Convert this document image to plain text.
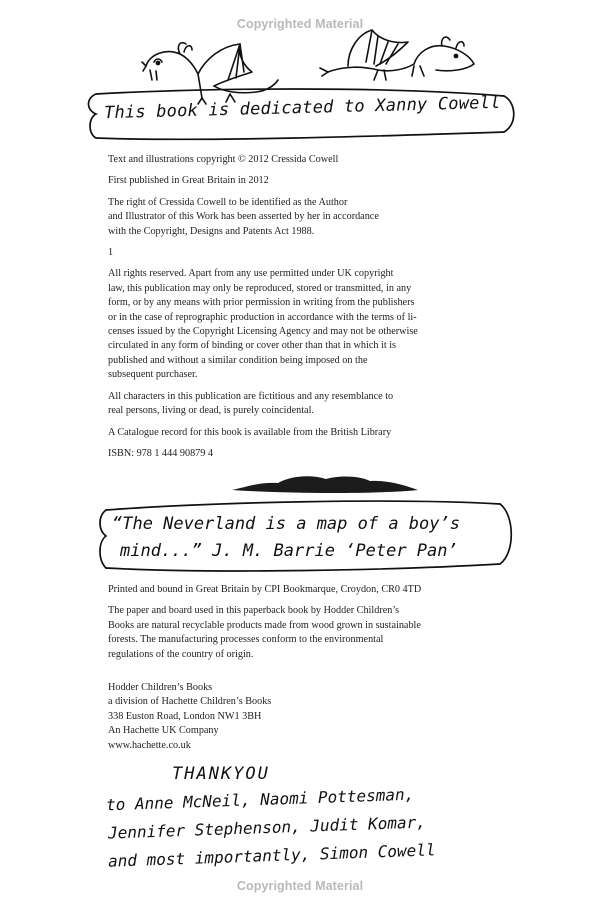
Copyrighted Material
This book is dedicated to Xanny Cowell

Text and illustrations copyright © 2012 Cressida Cowell

First published in Great Britain in 2012

The right of Cressida Cowell to be identified as the Author
and Illustrator of this Work has been asserted by her in accordance
with the Copyright, Designs and Patents Act 1988.

1

All rights reserved. Apart from any use permitted under UK copyright
law, this publication may only be reproduced, stored or transmitted, in any
form, or by any means with prior permission in writing from the publishers
or in the case of reprographic production in accordance with the terms of li-
censes issued by the Copyright Licensing Agency and may not be otherwise
circulated in any form of binding or cover other than that in which it is
published and without a similar condition being imposed on the
subsequent purchaser.

All characters in this publication are fictitious and any resemblance to
real persons, living or dead, is purely coincidental.

A Catalogue record for this book is available from the British Library

ISBN: 978 1 444 90879 4

“The Neverland is a map of a boy’s
mind...” J. M. Barrie ‘Peter Pan’

Printed and bound in Great Britain by CPI Bookmarque, Croydon, CR0 4TD

The paper and board used in this paperback book by Hodder Children’s
Books are natural recyclable products made from wood grown in sustainable
forests. The manufacturing processes conform to the environmental
regulations of the country of origin.

Hodder Children’s Books
a division of Hachette Children’s Books
338 Euston Road, London NW1 3BH
An Hachette UK Company
www.hachette.co.uk
THANKYOU
to Anne McNeil, Naomi Pottesman,
Jennifer Stephenson, Judit Komar,
and most importantly, Simon Cowell
Copyrighted Material
